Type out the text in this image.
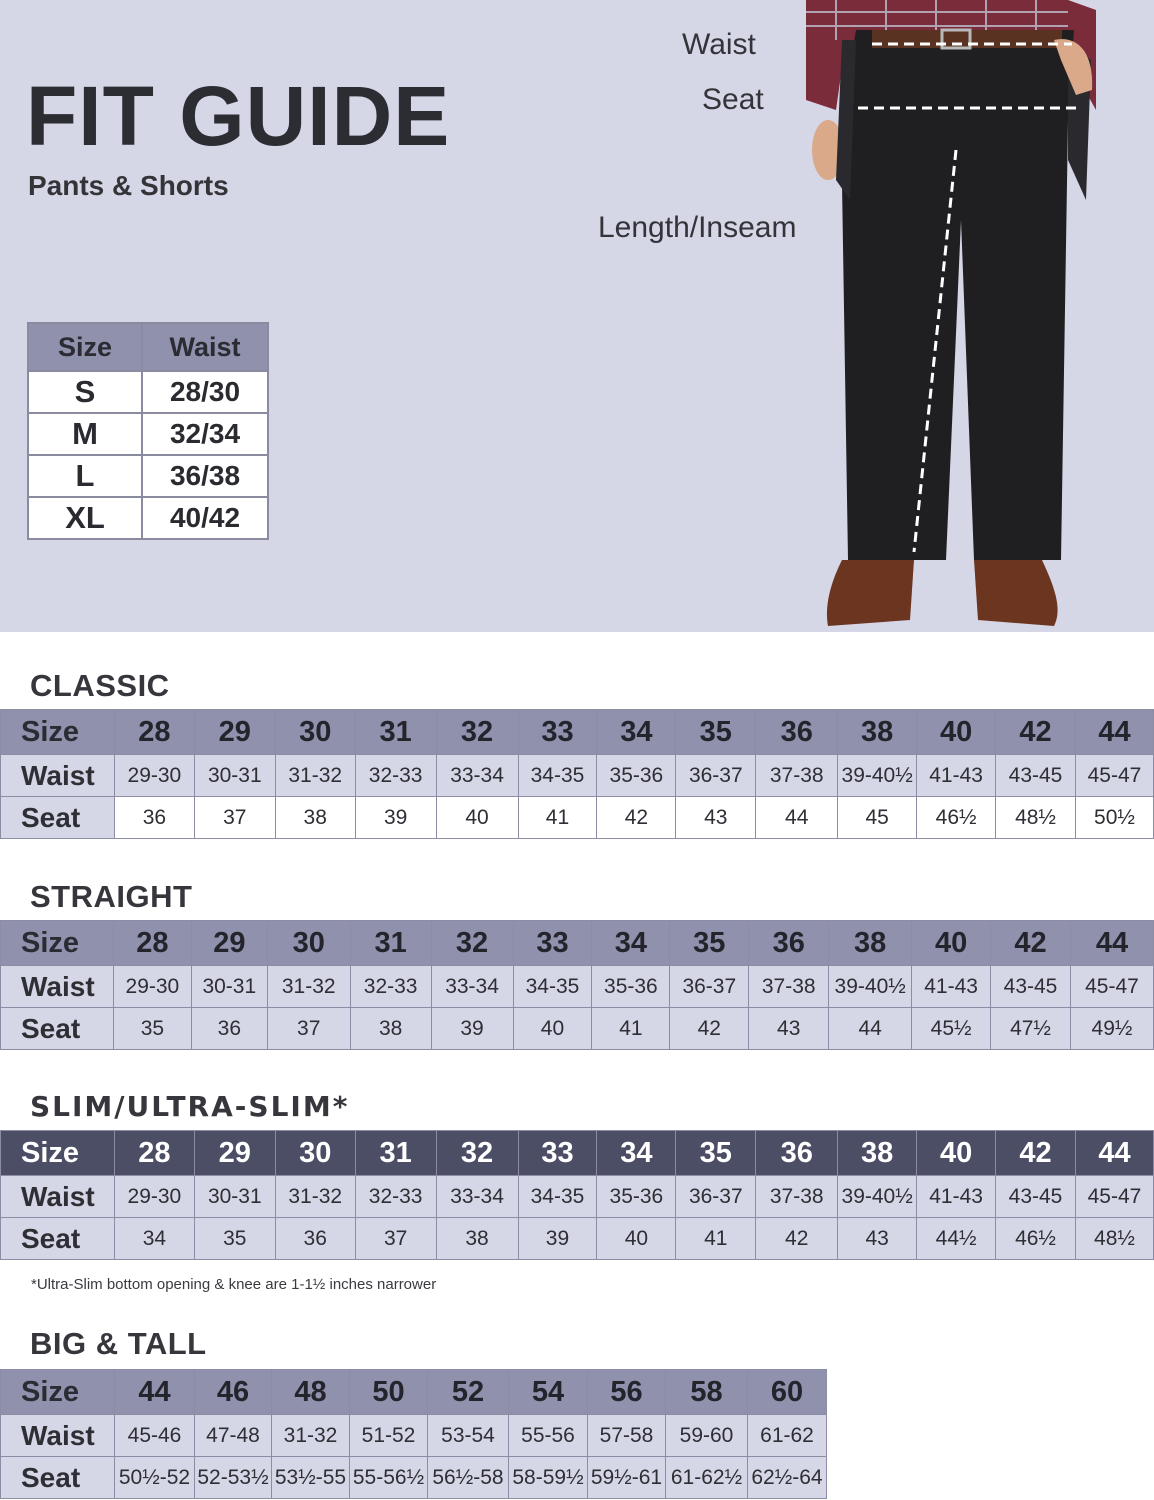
FIT GUIDE
Pants & Shorts
Size	Waist
S	28/30
M	32/34
L	36/38
XL	40/42
Waist
Seat
Length/Inseam
CLASSIC
Size	28	29	30	31	32	33	34	35	36	38	40	42	44
Waist	29-30	30-31	31-32	32-33	33-34	34-35	35-36	36-37	37-38	39-40½	41-43	43-45	45-47
Seat	36	37	38	39	40	41	42	43	44	45	46½	48½	50½
STRAIGHT
Size	28	29	30	31	32	33	34	35	36	38	40	42	44
Waist	29-30	30-31	31-32	32-33	33-34	34-35	35-36	36-37	37-38	39-40½	41-43	43-45	45-47
Seat	35	36	37	38	39	40	41	42	43	44	45½	47½	49½
SLIM/ULTRA-SLIM*
Size	28	29	30	31	32	33	34	35	36	38	40	42	44
Waist	29-30	30-31	31-32	32-33	33-34	34-35	35-36	36-37	37-38	39-40½	41-43	43-45	45-47
Seat	34	35	36	37	38	39	40	41	42	43	44½	46½	48½
*Ultra-Slim bottom opening & knee are 1-1½ inches narrower
BIG & TALL
Size	44	46	48	50	52	54	56	58	60
Waist	45-46	47-48	31-32	51-52	53-54	55-56	57-58	59-60	61-62
Seat	50½-52	52-53½	53½-55	55-56½	56½-58	58-59½	59½-61	61-62½	62½-64
